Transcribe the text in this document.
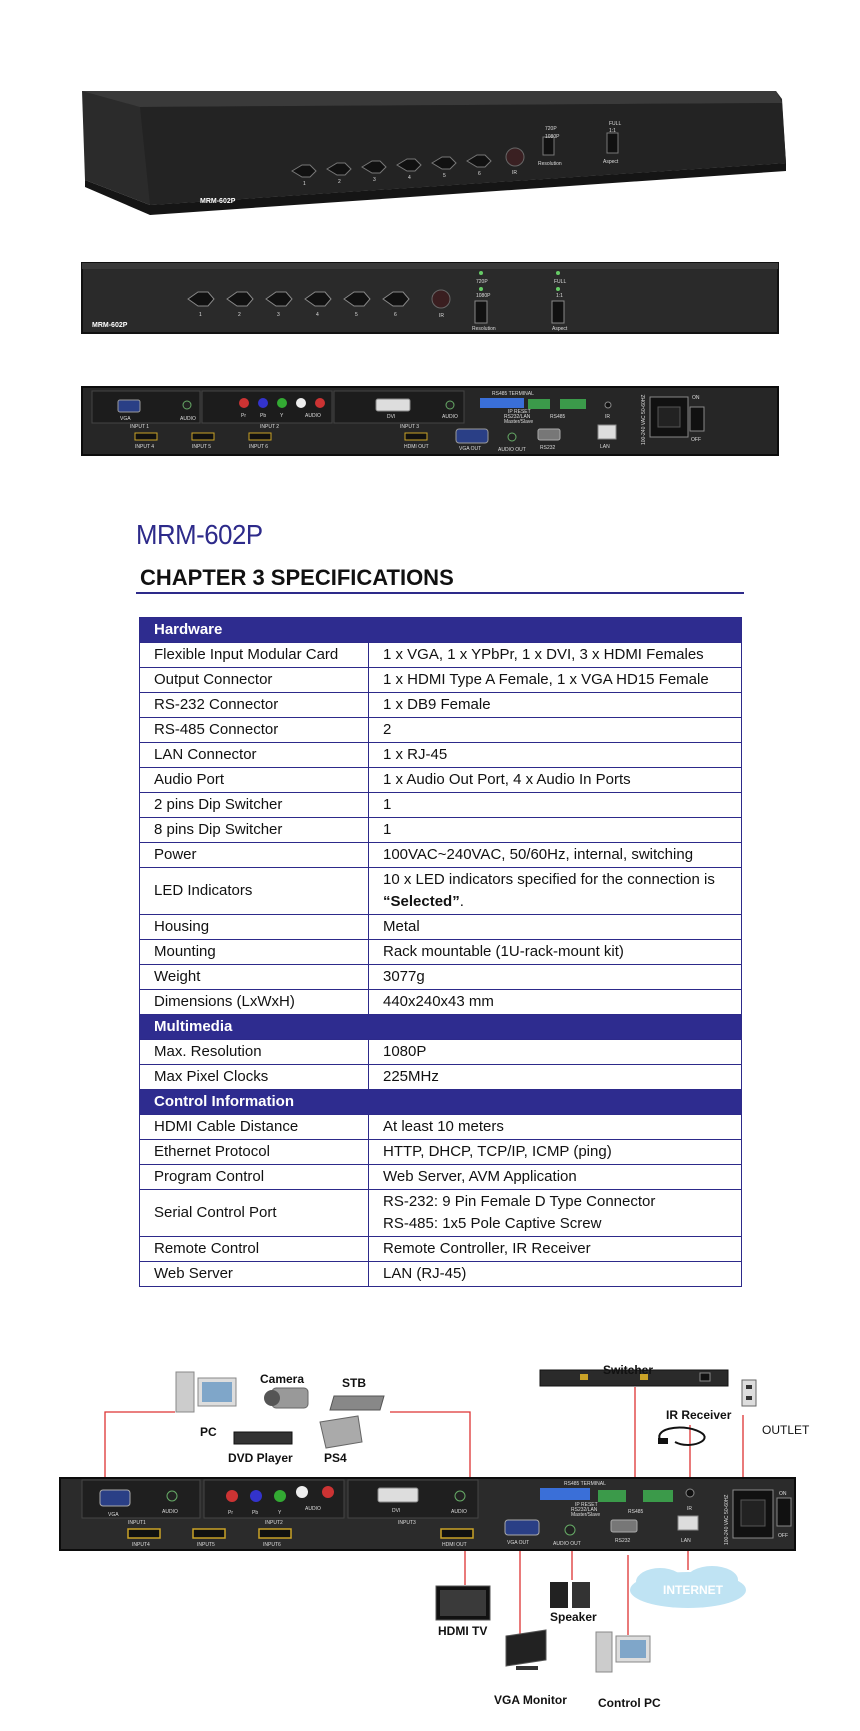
MRM-602P
1	2	3	4	5	6	IR
720P
1080P
Resolution
FULL
1:1
Aspect
MRM-602P
1	2	3	4	5	6	IR
720P
1080P
Resolution
FULL
1:1
Aspect
VGA	AUDIO	Pr	Pb	Y	AUDIO	DVI	AUDIO
INPUT 1	INPUT 2	INPUT 3
INPUT 4	INPUT 5	INPUT 6	HDMI OUT	VGA OUT	AUDIO OUT
RS485 TERMINAL
IP RESET
RS232/LAN
Master/Slave
RS485
RS232
IR
LAN
100-240 VAC 50-60HZ	ON
OFF
MRM-602P
CHAPTER 3 SPECIFICATIONS
Hardware	
Flexible Input Modular Card	1 x VGA, 1 x YPbPr, 1 x DVI, 3 x HDMI Females
Output Connector	1 x HDMI Type A Female, 1 x VGA HD15 Female
RS-232 Connector	1 x DB9 Female
RS-485 Connector	2
LAN Connector	1 x RJ-45
Audio Port	1 x Audio Out Port, 4 x Audio In Ports
2 pins Dip Switcher	1
8 pins Dip Switcher	1
Power	100VAC~240VAC, 50/60Hz, internal, switching
LED Indicators	10 x LED indicators specified for the connection is
“Selected”.

Housing	Metal
Mounting	Rack mountable (1U-rack-mount kit)
Weight	3077g
Dimensions (LxWxH)	440x240x43 mm
Multimedia	
Max. Resolution	1080P
Max Pixel Clocks	225MHz
Control Information	
HDMI Cable Distance	At least 10 meters
Ethernet Protocol	HTTP, DHCP, TCP/IP, ICMP (ping)
Program Control	Web Server, AVM Application
Serial Control Port	RS-232: 9 Pin Female D Type Connector
RS-485: 1x5 Pole Captive Screw

Remote Control	Remote Controller, IR Receiver
Web Server	LAN (RJ-45)
VGA	AUDIO	Pr	Pb	Y
AUDIO	DVI	AUDIO
INPUT1	INPUT2	INPUT3
INPUT4	INPUT5	INPUT6	HDMI OUT	VGA OUT	AUDIO OUT
RS485 TERMINAL
IP RESET
RS232/LAN
Master/Slave	RS485
RS232
IR
LAN	100-240 VAC 50-60HZ
ON
OFF
Camera	STB
PC
DVD Player	PS4
Switcher
IR Receiver
OUTLET
INTERNET
HDMI TV
Speaker
VGA Monitor	Control PC
